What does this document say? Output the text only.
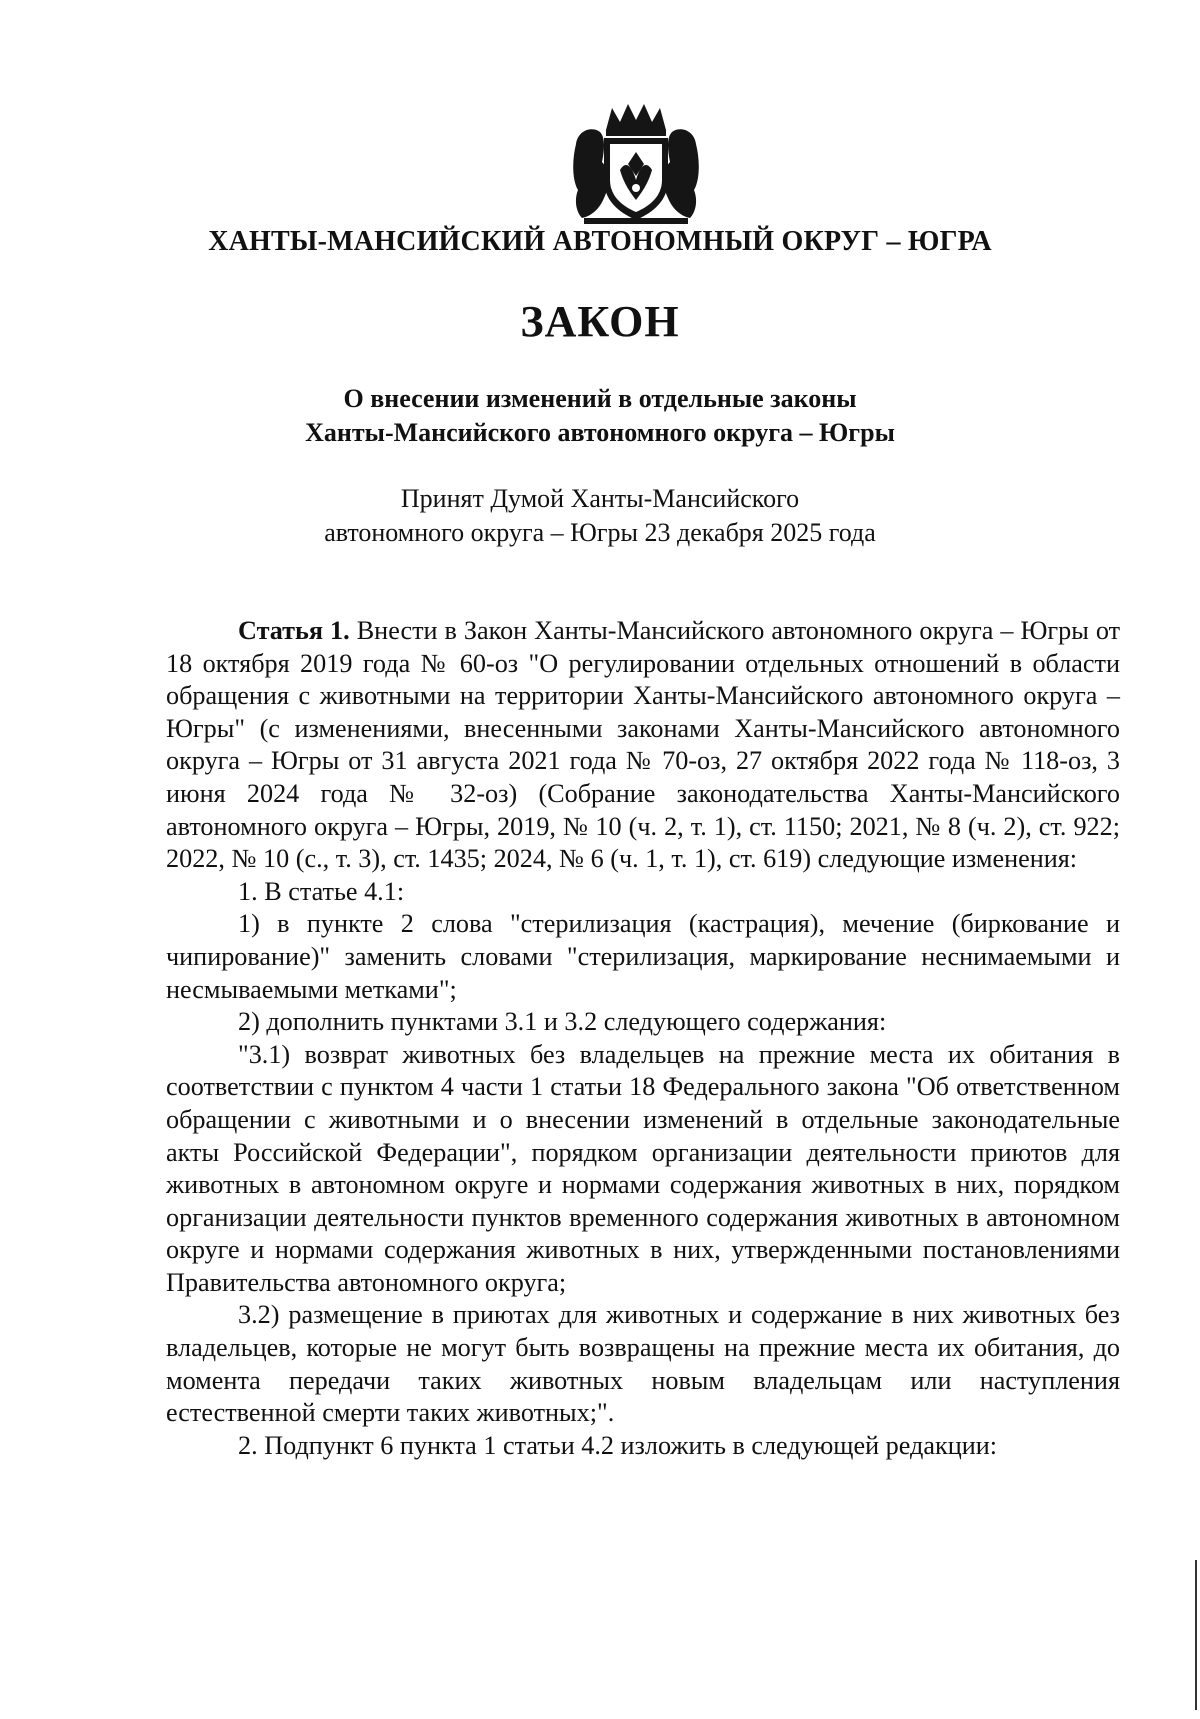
ХАНТЫ-МАНСИЙСКИЙ АВТОНОМНЫЙ ОКРУГ – ЮГРА
ЗАКОН
О внесении изменений в отдельные законы
Ханты-Мансийского автономного округа – Югры
Принят Думой Ханты-Мансийского
автономного округа – Югры 23 декабря 2025 года

Статья 1. Внести в Закон Ханты-Мансийского автономного округа – Югры от 18 октября 2019 года № 60-оз "О регулировании отдельных отношений в области обращения с животными на территории Ханты-Мансийского автономного округа – Югры" (с изменениями, внесенными законами Ханты-Мансийского автономного округа – Югры от 31 августа 2021 года № 70-оз, 27 октября 2022 года № 118-оз, 3 июня 2024 года № 32-оз) (Собрание законодательства Ханты-Мансийского автономного округа – Югры, 2019, № 10 (ч. 2, т. 1), ст. 1150; 2021, № 8 (ч. 2), ст. 922; 2022, № 10 (с., т. 3), ст. 1435; 2024, № 6 (ч. 1, т. 1), ст. 619) следующие изменения:

1. В статье 4.1:

1) в пункте 2 слова "стерилизация (кастрация), мечение (биркование и чипирование)" заменить словами "стерилизация, маркирование неснимаемыми и несмываемыми метками";

2) дополнить пунктами 3.1 и 3.2 следующего содержания:

"3.1) возврат животных без владельцев на прежние места их обитания в соответствии с пунктом 4 части 1 статьи 18 Федерального закона "Об ответственном обращении с животными и о внесении изменений в отдельные законодательные акты Российской Федерации", порядком организации деятельности приютов для животных в автономном округе и нормами содержания животных в них, порядком организации деятельности пунктов временного содержания животных в автономном округе и нормами содержания животных в них, утвержденными постановлениями Правительства автономного округа;

3.2) размещение в приютах для животных и содержание в них животных без владельцев, которые не могут быть возвращены на прежние места их обитания, до момента передачи таких животных новым владельцам или наступления естественной смерти таких животных;".

2. Подпункт 6 пункта 1 статьи 4.2 изложить в следующей редакции:
